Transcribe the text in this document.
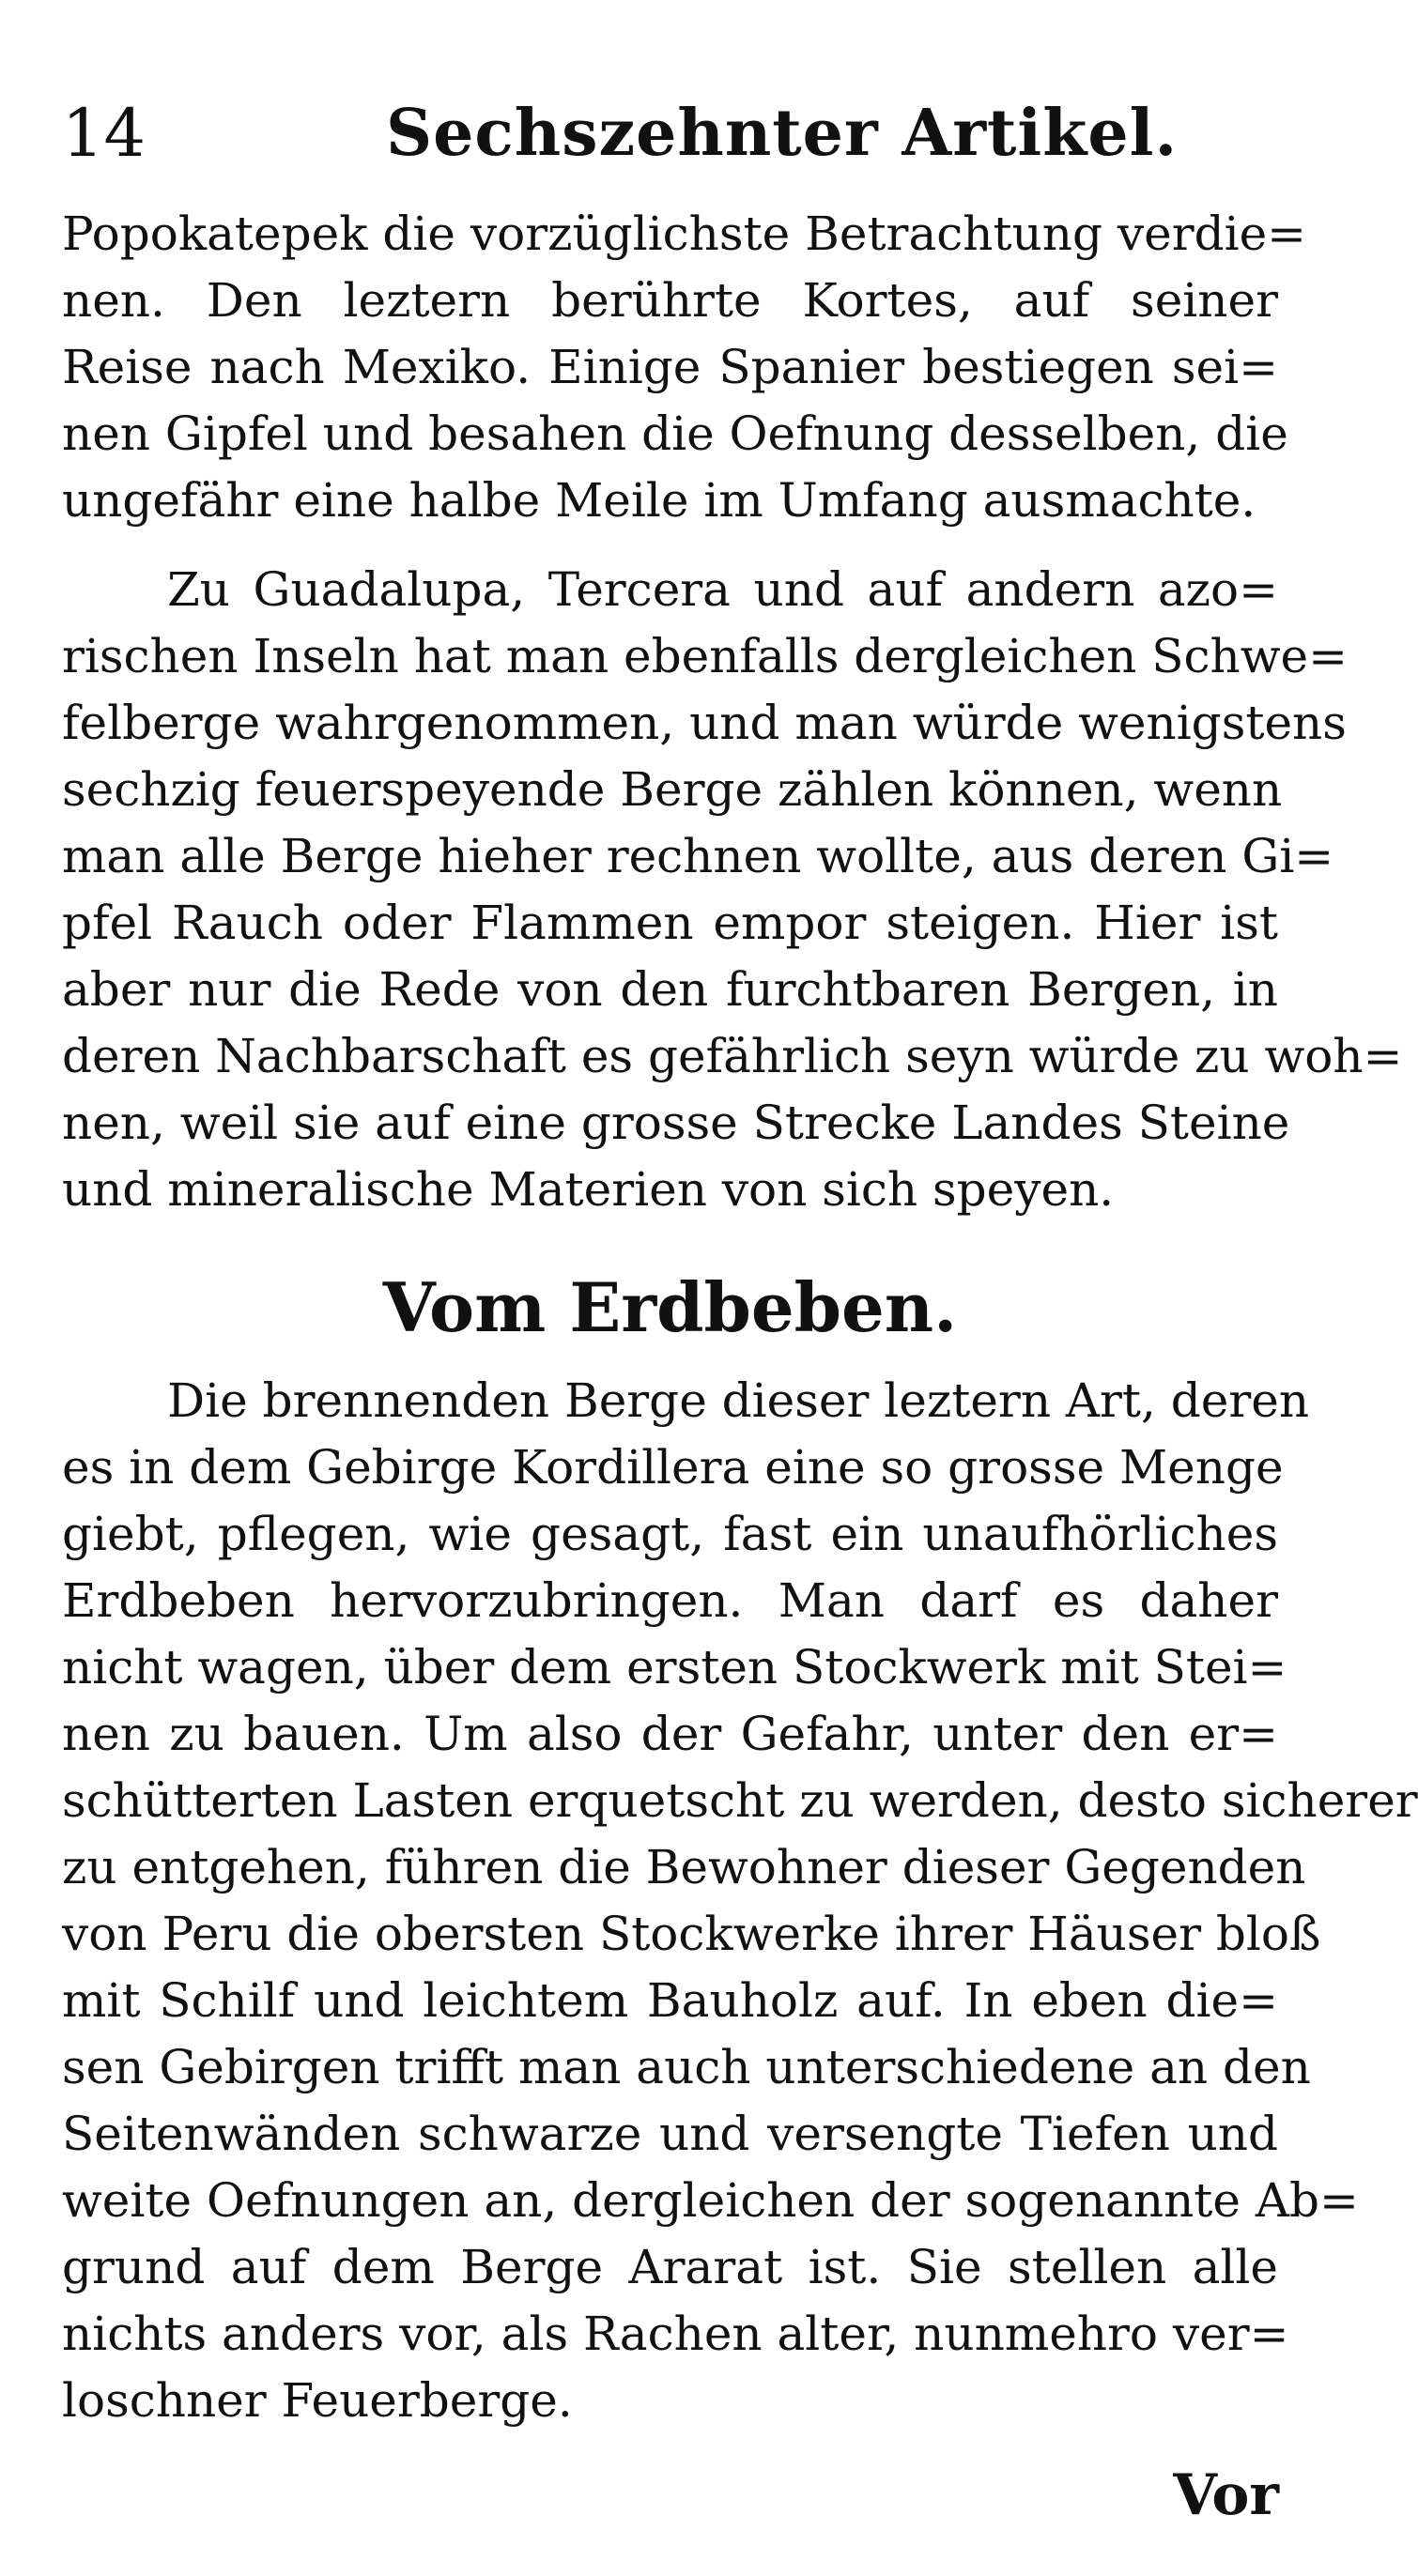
14	Sechszehnter Artikel.
Popokatepek die vorzüglichste Betrachtung verdie=
nen. Den leztern berührte Kortes, auf seiner
Reise nach Mexiko. Einige Spanier bestiegen sei=
nen Gipfel und besahen die Oefnung desselben, die
ungefähr eine halbe Meile im Umfang ausmachte.
Zu Guadalupa, Tercera und auf andern azo=
rischen Inseln hat man ebenfalls dergleichen Schwe=
felberge wahrgenommen, und man würde wenigstens
sechzig feuerspeyende Berge zählen können, wenn
man alle Berge hieher rechnen wollte, aus deren Gi=
pfel Rauch oder Flammen empor steigen. Hier ist
aber nur die Rede von den furchtbaren Bergen, in
deren Nachbarschaft es gefährlich seyn würde zu woh=
nen, weil sie auf eine grosse Strecke Landes Steine
und mineralische Materien von sich speyen.
Vom Erdbeben.
Die brennenden Berge dieser leztern Art, deren
es in dem Gebirge Kordillera eine so grosse Menge
giebt, pflegen, wie gesagt, fast ein unaufhörliches
Erdbeben hervorzubringen. Man darf es daher
nicht wagen, über dem ersten Stockwerk mit Stei=
nen zu bauen. Um also der Gefahr, unter den er=
schütterten Lasten erquetscht zu werden, desto sicherer
zu entgehen, führen die Bewohner dieser Gegenden
von Peru die obersten Stockwerke ihrer Häuser bloß
mit Schilf und leichtem Bauholz auf. In eben die=
sen Gebirgen trifft man auch unterschiedene an den
Seitenwänden schwarze und versengte Tiefen und
weite Oefnungen an, dergleichen der sogenannte Ab=
grund auf dem Berge Ararat ist. Sie stellen alle
nichts anders vor, als Rachen alter, nunmehro ver=
loschner Feuerberge.
Vor
